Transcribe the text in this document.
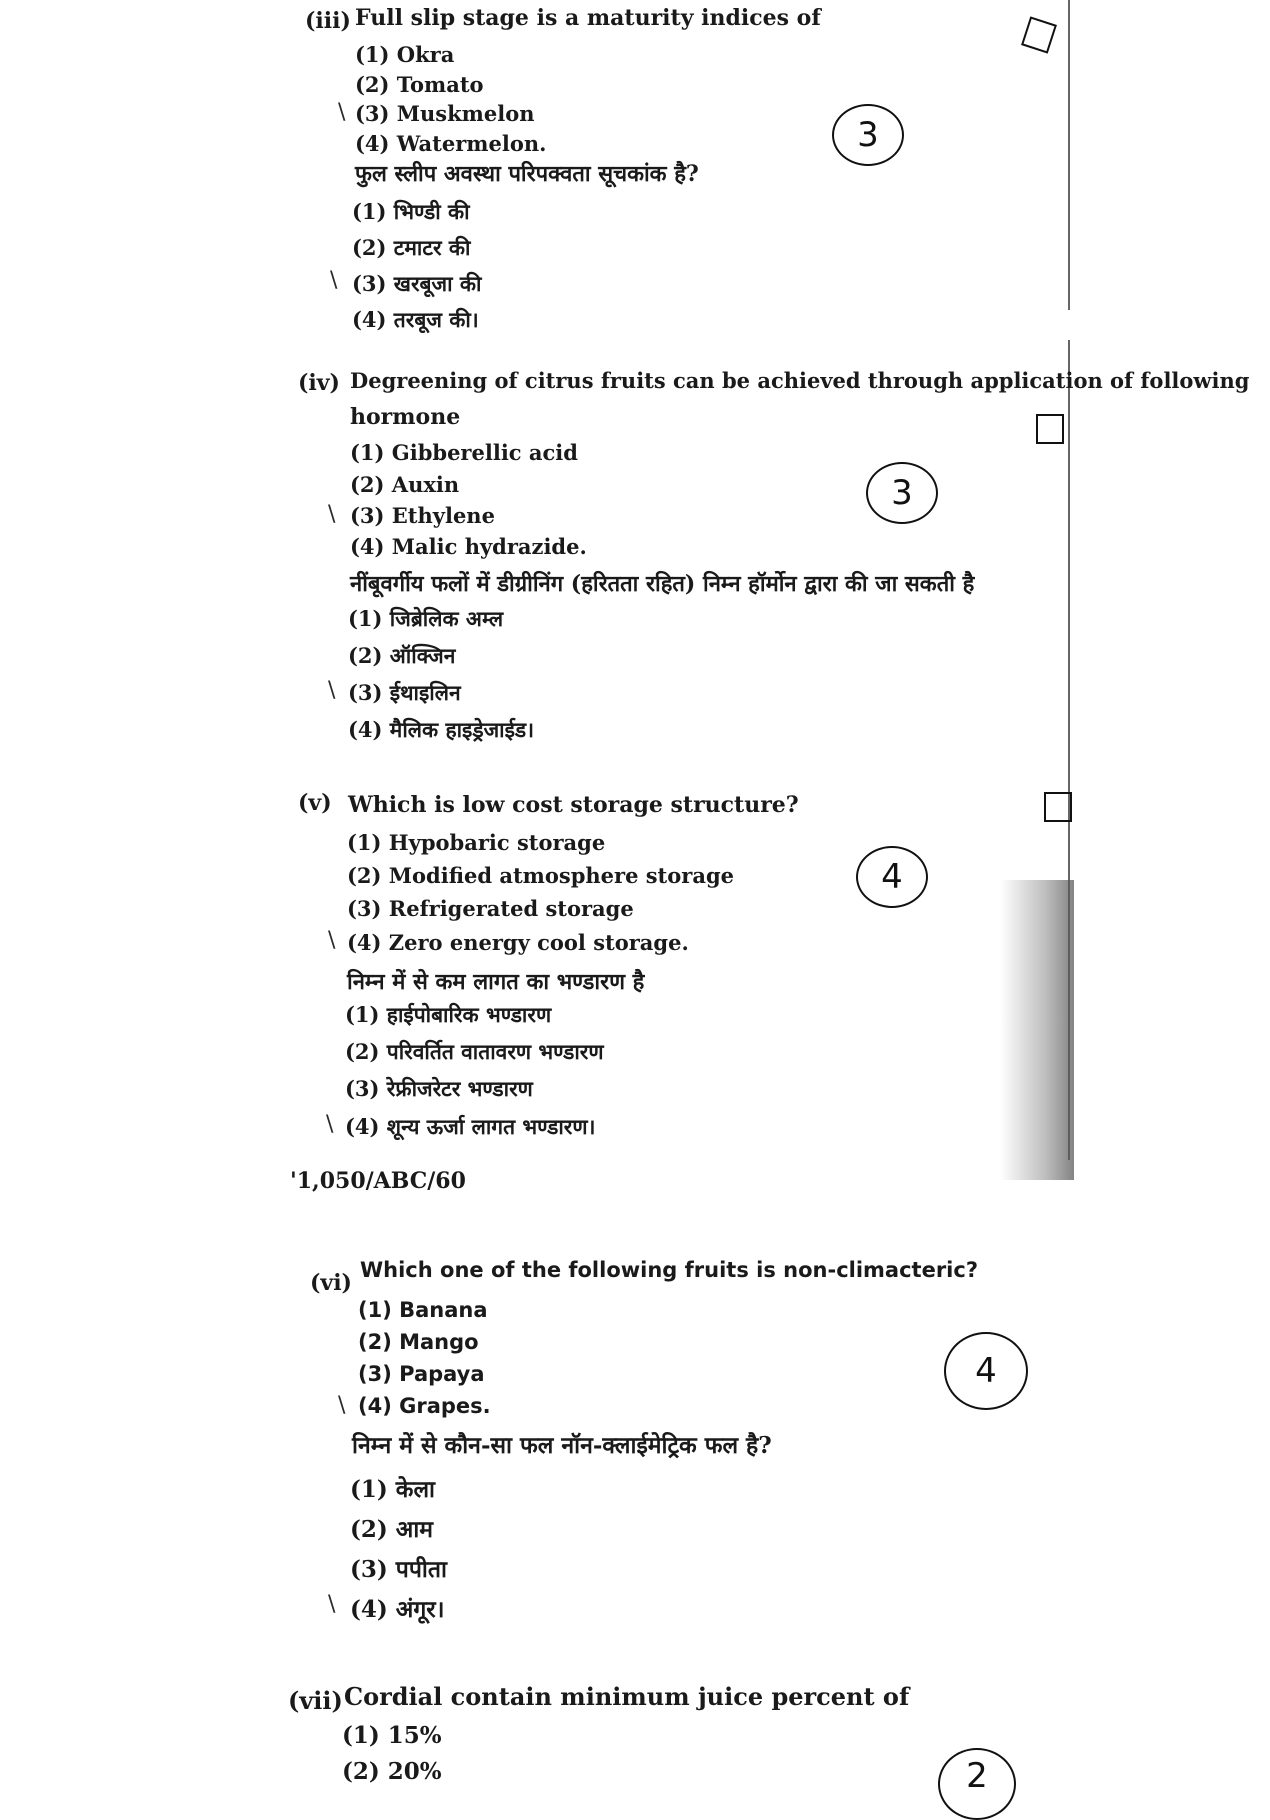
(iii) Full slip stage is a maturity indices of
(1) Okra
(2) Tomato
\ (3) Muskmelon
(4) Watermelon.
फुल स्लीप अवस्था परिपक्वता सूचकांक है?
(1) भिण्डी की
(2) टमाटर की
\ (3) खरबूजा की
(4) तरबूज की।
3
(iv) Degreening of citrus fruits can be achieved through application of following
hormone
(1) Gibberellic acid
(2) Auxin
\ (3) Ethylene
(4) Malic hydrazide.
नींबूवर्गीय फलों में डीग्रीनिंग (हरितता रहित) निम्न हॉर्मोन द्वारा की जा सकती है
(1) जिब्रेलिक अम्ल
(2) ऑक्जिन
\ (3) ईथाइलिन
(4) मैलिक हाइड्रेजाईड।
3
(v) Which is low cost storage structure?
(1) Hypobaric storage
(2) Modified atmosphere storage
(3) Refrigerated storage
\ (4) Zero energy cool storage.
निम्न में से कम लागत का भण्डारण है
(1) हाईपोबारिक भण्डारण
(2) परिवर्तित वातावरण भण्डारण
(3) रेफ्रीजरेटर भण्डारण
\ (4) शून्य ऊर्जा लागत भण्डारण।
4
'1,050/ABC/60
(vi) Which one of the following fruits is non-climacteric?
(1) Banana
(2) Mango
(3) Papaya
\ (4) Grapes.
निम्न में से कौन-सा फल नॉन-क्लाईमेट्रिक फल है?
(1) केला
(2) आम
(3) पपीता
\ (4) अंगूर।
4
(vii) Cordial contain minimum juice percent of
(1) 15%
(2) 20%	2
